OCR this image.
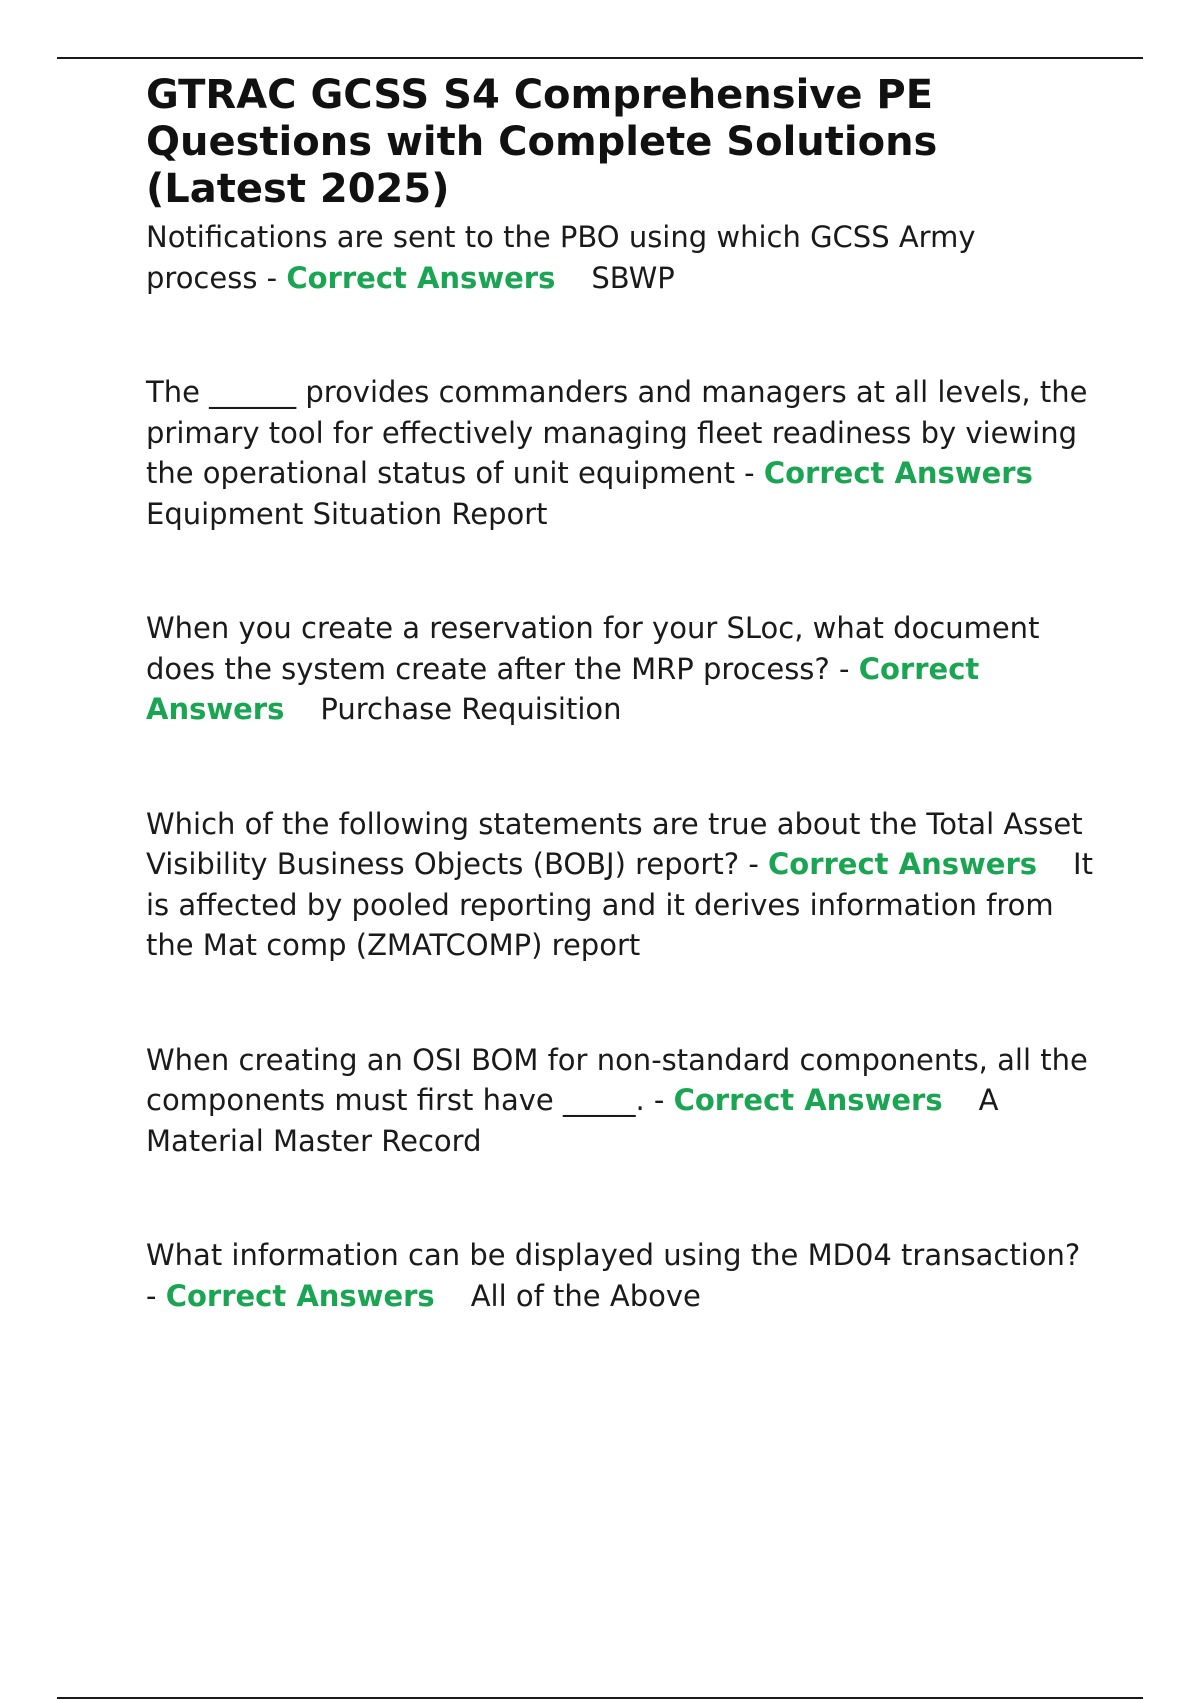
GTRAC GCSS S4 Comprehensive PE Questions with Complete Solutions (Latest 2025)

Notifications are sent to the PBO using which GCSS Army process - Correct Answers SBWP

The ______ provides commanders and managers at all levels, the primary tool for effectively managing fleet readiness by viewing the operational status of unit equipment - Correct AnswersEquipment Situation Report

When you create a reservation for your SLoc, what document does the system create after the MRP process? - Correct Answers Purchase Requisition

Which of the following statements are true about the Total Asset Visibility Business Objects (BOBJ) report? - Correct Answers It is affected by pooled reporting and it derives information from the Mat comp (ZMATCOMP) report

When creating an OSI BOM for non-standard components, all the components must first have _____. - Correct Answers A Material Master Record

What information can be displayed using the MD04 transaction? - Correct Answers All of the Above
